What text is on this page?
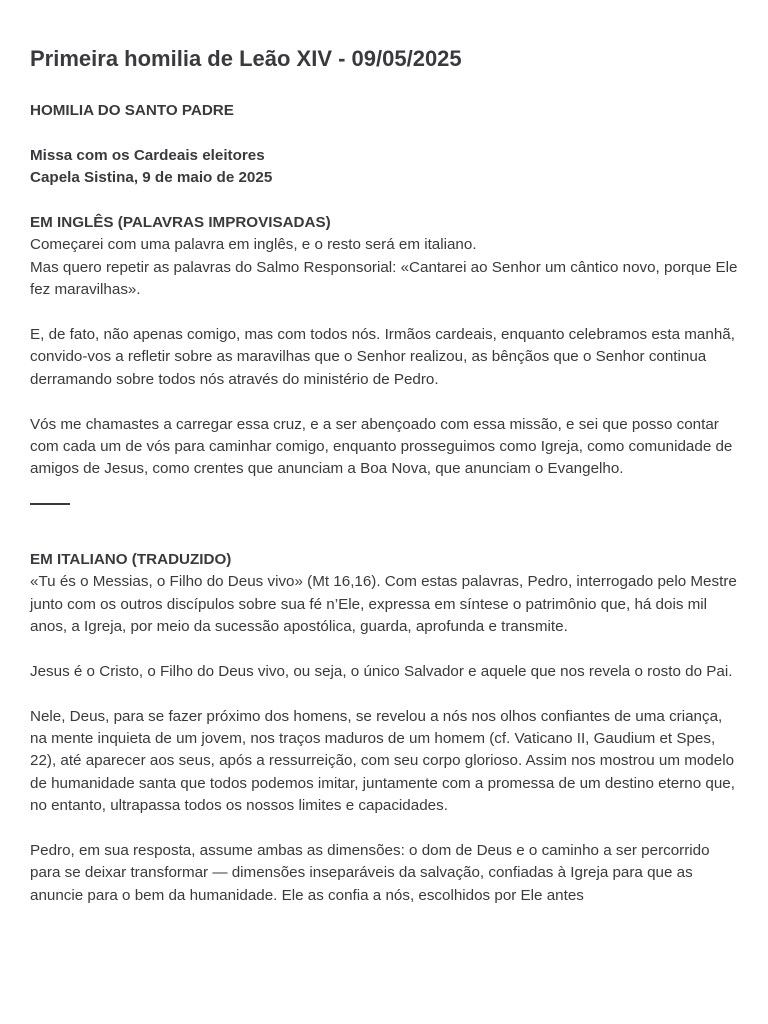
Primeira homilia de Leão XIV - 09/05/2025

HOMILIA DO SANTO PADRE

Missa com os Cardeais eleitores
Capela Sistina, 9 de maio de 2025

EM INGLÊS (PALAVRAS IMPROVISADAS)
Começarei com uma palavra em inglês, e o resto será em italiano.
Mas quero repetir as palavras do Salmo Responsorial: «Cantarei ao Senhor um cântico novo, porque Ele fez maravilhas».

E, de fato, não apenas comigo, mas com todos nós. Irmãos cardeais, enquanto celebramos esta manhã, convido-vos a refletir sobre as maravilhas que o Senhor realizou, as bênçãos que o Senhor continua derramando sobre todos nós através do ministério de Pedro.

Vós me chamastes a carregar essa cruz, e a ser abençoado com essa missão, e sei que posso contar com cada um de vós para caminhar comigo, enquanto prosseguimos como Igreja, como comunidade de amigos de Jesus, como crentes que anunciam a Boa Nova, que anunciam o Evangelho.

EM ITALIANO (TRADUZIDO)
«Tu és o Messias, o Filho do Deus vivo» (Mt 16,16). Com estas palavras, Pedro, interrogado pelo Mestre junto com os outros discípulos sobre sua fé n’Ele, expressa em síntese o patrimônio que, há dois mil anos, a Igreja, por meio da sucessão apostólica, guarda, aprofunda e transmite.

Jesus é o Cristo, o Filho do Deus vivo, ou seja, o único Salvador e aquele que nos revela o rosto do Pai.

Nele, Deus, para se fazer próximo dos homens, se revelou a nós nos olhos confiantes de uma criança, na mente inquieta de um jovem, nos traços maduros de um homem (cf. Vaticano II, Gaudium et Spes, 22), até aparecer aos seus, após a ressurreição, com seu corpo glorioso. Assim nos mostrou um modelo de humanidade santa que todos podemos imitar, juntamente com a promessa de um destino eterno que, no entanto, ultrapassa todos os nossos limites e capacidades.

Pedro, em sua resposta, assume ambas as dimensões: o dom de Deus e o caminho a ser percorrido para se deixar transformar — dimensões inseparáveis da salvação, confiadas à Igreja para que as anuncie para o bem da humanidade. Ele as confia a nós, escolhidos por Ele antes
